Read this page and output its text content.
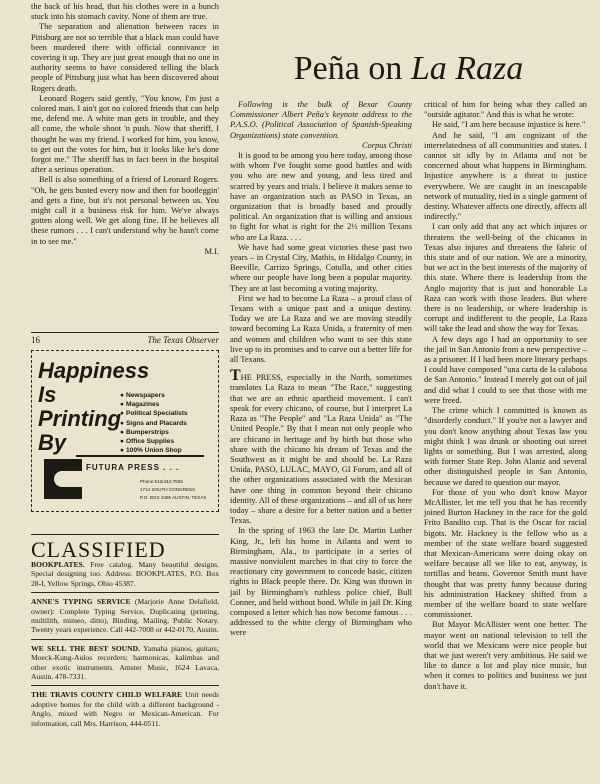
the back of his head, that his clothes were in a bunch stuck into his stomach cavity. None of them are true.

The separation and alienation between races in Pittsburg are not so terrible that a black man could have been murdered there with official connivance in covering it up. They are just great enough that no one in authority seems to have considered telling the black people of Pittsburg just what has been discovered about Rogers death.

Leonard Rogers said gently, "You know, I'm just a colored man. I ain't got no colored friends that can help me, defend me. A white man gets in trouble, and they all come, the whole shoot 'n push. Now that sheriff, I thought he was my friend. I worked for him, you know, to get out the votes for him, but it looks like he's done forgot me." The sheriff has in fact been in the hospital after a serious operation.

Bell is also something of a friend of Leonard Rogers. "Oh, he gets busted every now and then for bootleggin' and gets a fine, but it's not personal between us. You might call it a business risk for him. We've always gotten along well. We get along fine. If he believes all these rumors . . . I can't understand why he hasn't come in to see me."

M.I.
16	The Texas Observer
Happiness
Is
Printing
By
● Newspapers
● Magazines
● Political Specialists
● Signs and Placards
● Bumperstrips
● Office Supplies
● 100% Union Shop
FUTURA PRESS . . .
Phone 512/442-7836
1714 SOUTH CONGRESS
P.O. BOX 3485 AUSTIN, TEXAS
CLASSIFIED
BOOKPLATES. Free catalog. Many beautiful designs. Special designing too. Address: BOOKPLATES, P.O. Box 28-I, Yellow Springs, Ohio 45387.
ANNE'S TYPING SERVICE (Marjorie Anne Delafield, owner): Complete Typing Service, Duplicating (printing, multilith, mimeo, ditto), Binding, Mailing, Public Notary. Twenty years experience. Call 442-7008 or 442-0170, Austin.
WE SELL THE BEST SOUND. Yamaha pianos, guitars; Moeck-Kung-Aulos recorders; harmonicas, kalimbas and other exotic instruments. Amster Music, 1624 Lavaca, Austin. 478-7331.
THE TRAVIS COUNTY CHILD WELFARE Unit needs adoptive homes for the child with a different background - Anglo, mixed with Negro or Mexican-American. For information, call Mrs. Harrison, 444-0511.
Peña on La Raza

Following is the bulk of Bexar County Commissioner Albert Peña's keynote address to the P.A.S.O. (Political Association of Spanish-Speaking Organizations) state convention.

Corpus Christi

It is good to be among you here today, among those with whom I've fought some good battles and with you who are new and young, and less tired and scarred by years and trials. I believe it makes sense to have an organization such as PASO in Texas, an organization that is broadly based and proudly political. An organization that is willing and anxious to fight for what is right for the 2½ million Texans who are La Raza. . . .

We have had some great victories these past two years – in Crystal City, Mathis, in Hidalgo County, in Beeville, Carrizo Springs, Cotulla, and other cities where our people have long been a popular majority. They are at last becoming a voting majority.

First we had to become La Raza – a proud class of Texans with a unique past and a unique destiny. Today we are La Raza and we are moving steadily toward becoming La Raza Unida, a fraternity of men and women and children who want to see this state live up to its promises and to carve out a better life for all Texans.

THE PRESS, especially in the North, sometimes translates La Raza to mean "The Race," suggesting that we are an ethnic apartheid movement. I can't speak for every chicano, of course, but I interpret La Raza as "The People" and "La Raza Unida" as "The United People." By that I mean not only people who are chicano in heritage and by birth but those who share with the chicano his dream of Texas and the Southwest as it might be and should be. La Raza Unida, PASO, LULAC, MAYO, GI Forum, and all of the other organizations associated with the Mexican have one thing in common beyond their chicano identity. All of these organizations – and all of us here today – share a desire for a better nation and a better Texas.

In the spring of 1963 the late Dr. Martin Luther King, Jr., left his home in Atlanta and went to Birmingham, Ala., to participate in a series of massive nonviolent marches in that city to force the reactionary city government to concede basic, citizen rights to Black people there. Dr. King was thrown in jail by Birmingham's ruthless police chief, Bull Conner, and held without bond. While in jail Dr. King composed a letter which has now become famous . . . addressed to the white clergy of Birmingham who were

critical of him for being what they called an "outside agitator." And this is what he wrote:

He said, "I am here because injustice is here."

And he said, "I am cognizant of the interrelatedness of all communities and states. I cannot sit idly by in Atlanta and not be concerned about what happens in Birmingham. Injustice anywhere is a threat to justice everywhere. We are caught in an inescapable network of mutuality, tied in a single garment of destiny. Whatever affects one directly, affects all indirectly."

I can only add that any act which injures or threatens the well-being of the chicanos in Texas also injures and threatens the fabric of this state and of our nation. We are a minority, but we act in the best interests of the majority of this state. Where there is leadership from the Anglo majority that is just and honorable La Raza can work with those leaders. But where there is no leadership, or where leadership is corrupt and indifferent to the people, La Raza will take the lead and show the way for Texas.

A few days ago I had an opportunity to see the jail in San Antonio from a new perspective – as a prisoner. If I had been more literary perhaps I could have composed "una carta de la calabosa de San Antonio." Instead I merely got out of jail and did what I could to see that those with me were freed.

The crime which I committed is known as "disorderly conduct." If you're not a lawyer and you don't know anything about Texas law you might think I was drunk or shooting out street lights or something. But I was arrested, along with former State Rep. John Alaniz and several other distinguished people in San Antonio, because we dared to question our mayor.

For those of you who don't know Mayor McAllister, let me tell you that he has recently joined Burton Hackney in the race for the gold Frito Bandito cup. That is the Oscar for racial bigots. Mr. Hackney is the fellow who as a member of the state welfare board suggested that Mexican-Americans were doing okay on welfare because all we like to eat, anyway, is tortillas and beans. Governor Smith must have thought that was pretty funny because during his administration Hackney shifted from a member of the welfare board to state welfare commissioner.

But Mayor McAllister went one better. The mayor went on national television to tell the world that we Mexicans were nice people but that we just weren't very ambitious. He said we like to dance a lot and play nice music, but when it comes to politics and business we just don't have it.
